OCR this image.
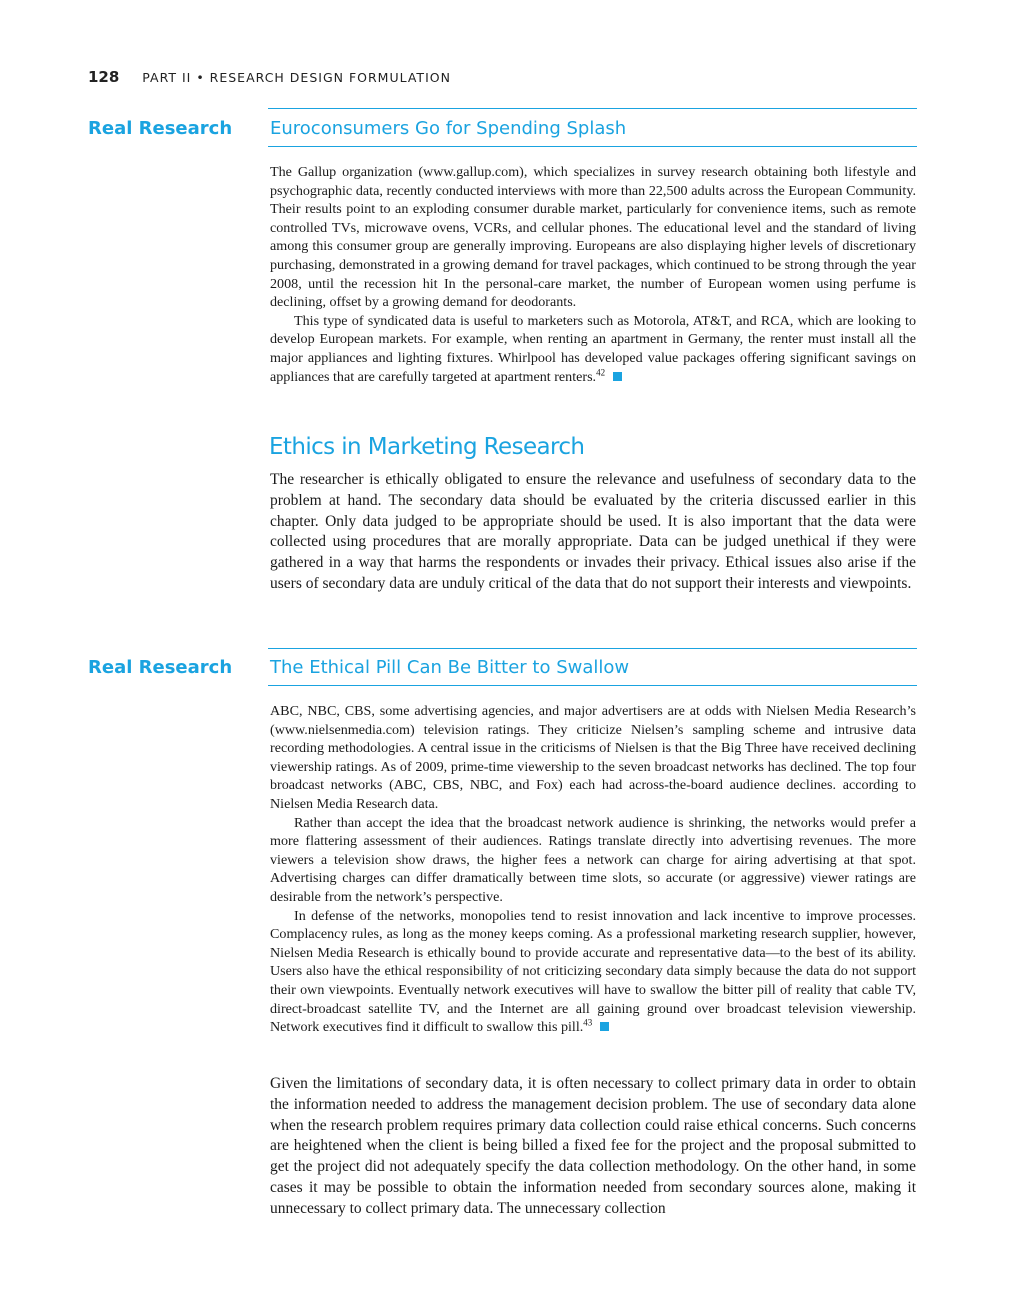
128 PART II • RESEARCH DESIGN FORMULATION
Real Research Euroconsumers Go for Spending Splash

The Gallup organization (www.gallup.com), which specializes in survey research obtaining both lifestyle and psychographic data, recently conducted interviews with more than 22,500 adults across the European Community. Their results point to an exploding consumer durable market, particularly for convenience items, such as remote controlled TVs, microwave ovens, VCRs, and cellular phones. The educational level and the standard of living among this consumer group are generally improving. Europeans are also displaying higher levels of discretionary purchasing, demonstrated in a growing demand for travel packages, which continued to be strong through the year 2008, until the recession hit In the personal-care market, the number of European women using perfume is declining, offset by a growing demand for deodorants.

This type of syndicated data is useful to marketers such as Motorola, AT&T, and RCA, which are looking to develop European markets. For example, when renting an apartment in Germany, the renter must install all the major appliances and lighting fixtures. Whirlpool has developed value packages offering significant savings on appliances that are carefully targeted at apartment renters.$^{42}$

Ethics in Marketing Research

The researcher is ethically obligated to ensure the relevance and usefulness of secondary data to the problem at hand. The secondary data should be evaluated by the criteria discussed earlier in this chapter. Only data judged to be appropriate should be used. It is also important that the data were collected using procedures that are morally appropriate. Data can be judged unethical if they were gathered in a way that harms the respondents or invades their privacy. Ethical issues also arise if the users of secondary data are unduly critical of the data that do not support their interests and viewpoints.

Real Research The Ethical Pill Can Be Bitter to Swallow

ABC, NBC, CBS, some advertising agencies, and major advertisers are at odds with Nielsen Media Research’s (www.nielsenmedia.com) television ratings. They criticize Nielsen’s sampling scheme and intrusive data recording methodologies. A central issue in the criticisms of Nielsen is that the Big Three have received declining viewership ratings. As of 2009, prime-time viewership to the seven broadcast networks has declined. The top four broadcast networks (ABC, CBS, NBC, and Fox) each had across-the-board audience declines. according to Nielsen Media Research data.

Rather than accept the idea that the broadcast network audience is shrinking, the networks would prefer a more flattering assessment of their audiences. Ratings translate directly into advertising revenues. The more viewers a television show draws, the higher fees a network can charge for airing advertising at that spot. Advertising charges can differ dramatically between time slots, so accurate (or aggressive) viewer ratings are desirable from the network’s perspective.

In defense of the networks, monopolies tend to resist innovation and lack incentive to improve processes. Complacency rules, as long as the money keeps coming. As a professional marketing research supplier, however, Nielsen Media Research is ethically bound to provide accurate and representative data—to the best of its ability. Users also have the ethical responsibility of not criticizing secondary data simply because the data do not support their own viewpoints. Eventually network executives will have to swallow the bitter pill of reality that cable TV, direct-broadcast satellite TV, and the Internet are all gaining ground over broadcast television viewership. Network executives find it difficult to swallow this pill.$^{43}$

Given the limitations of secondary data, it is often necessary to collect primary data in order to obtain the information needed to address the management decision problem. The use of secondary data alone when the research problem requires primary data collection could raise ethical concerns. Such concerns are heightened when the client is being billed a fixed fee for the project and the proposal submitted to get the project did not adequately specify the data collection methodology. On the other hand, in some cases it may be possible to obtain the information needed from secondary sources alone, making it unnecessary to collect primary data. The unnecessary collection
